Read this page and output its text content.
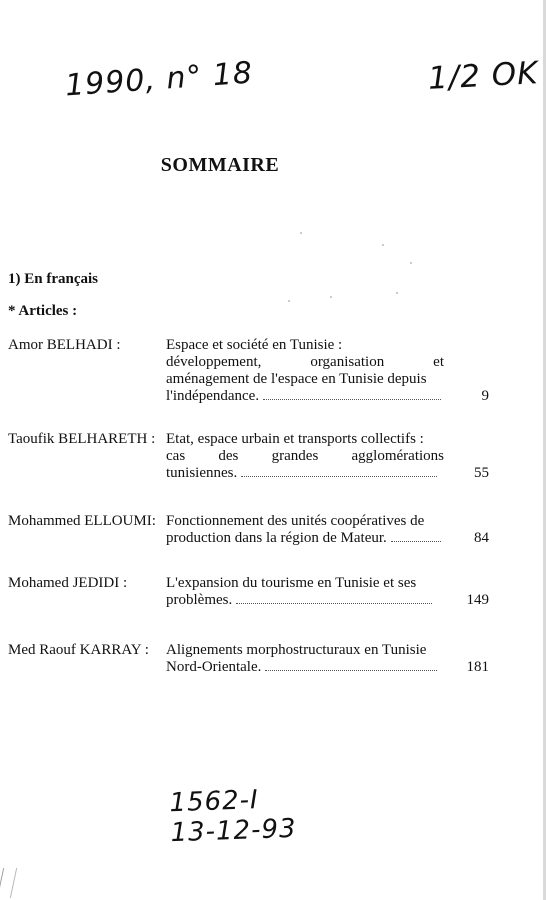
1990, n° 18	1/2 OK
SOMMAIRE
1) En français
* Articles :
Amor BELHADI :	Espace et société en Tunisie :
développement, organisation et
aménagement de l'espace en Tunisie depuis
l'indépendance.	9
Taoufik BELHARETH : Etat, espace urbain et transports collectifs :
cas des grandes agglomérations
tunisiennes.	55
Mohammed ELLOUMI: Fonctionnement des unités coopératives de
production dans la région de Mateur.	84
Mohamed JEDIDI :	L'expansion du tourisme en Tunisie et ses
problèmes.	149
Med Raouf KARRAY : Alignements morphostructuraux en Tunisie
Nord-Orientale.	181
1562-I
13-12-93
